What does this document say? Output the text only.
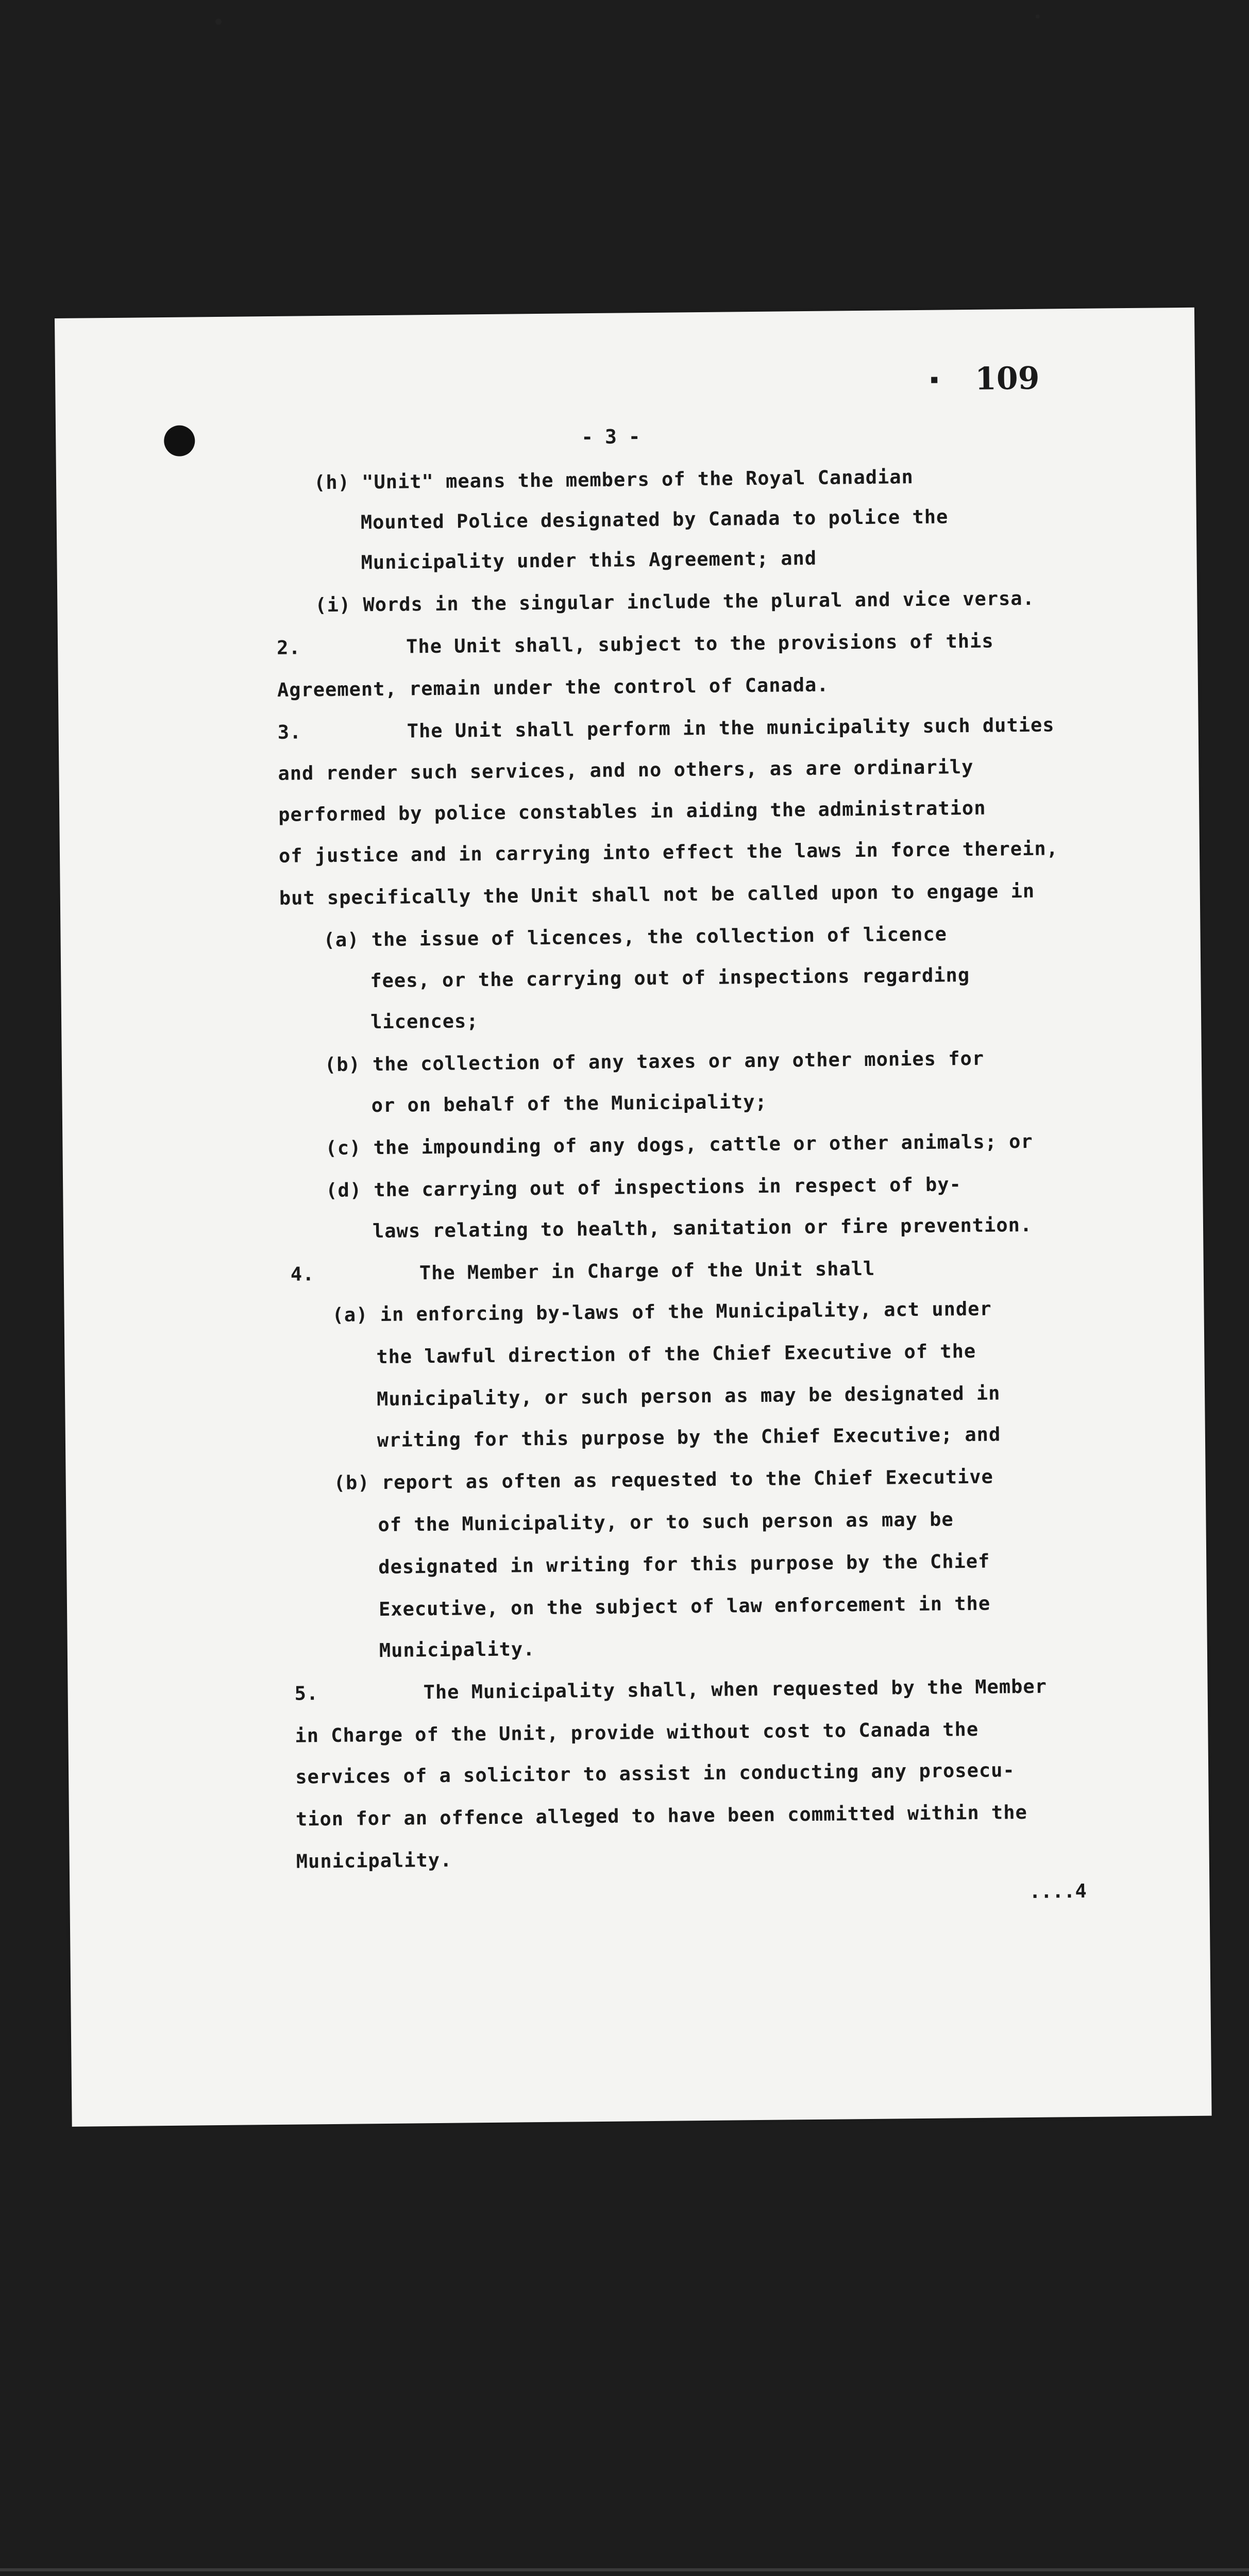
109
- 3 -
(h) "Unit" means the members of the Royal Canadian
Mounted Police designated by Canada to police the
Municipality under this Agreement; and
(i) Words in the singular include the plural and vice versa.
2.	The Unit shall, subject to the provisions of this
Agreement, remain under the control of Canada.
3.	The Unit shall perform in the municipality such duties
and render such services, and no others, as are ordinarily
performed by police constables in aiding the administration
of justice and in carrying into effect the laws in force therein,
but specifically the Unit shall not be called upon to engage in
(a) the issue of licences, the collection of licence
fees, or the carrying out of inspections regarding
licences;
(b) the collection of any taxes or any other monies for
or on behalf of the Municipality;
(c) the impounding of any dogs, cattle or other animals; or
(d) the carrying out of inspections in respect of by-
laws relating to health, sanitation or fire prevention.
4.	The Member in Charge of the Unit shall
(a) in enforcing by-laws of the Municipality, act under
the lawful direction of the Chief Executive of the
Municipality, or such person as may be designated in
writing for this purpose by the Chief Executive; and
(b) report as often as requested to the Chief Executive
of the Municipality, or to such person as may be
designated in writing for this purpose by the Chief
Executive, on the subject of law enforcement in the
Municipality.
5.	The Municipality shall, when requested by the Member
in Charge of the Unit, provide without cost to Canada the
services of a solicitor to assist in conducting any prosecu-
tion for an offence alleged to have been committed within the
Municipality.
....4
